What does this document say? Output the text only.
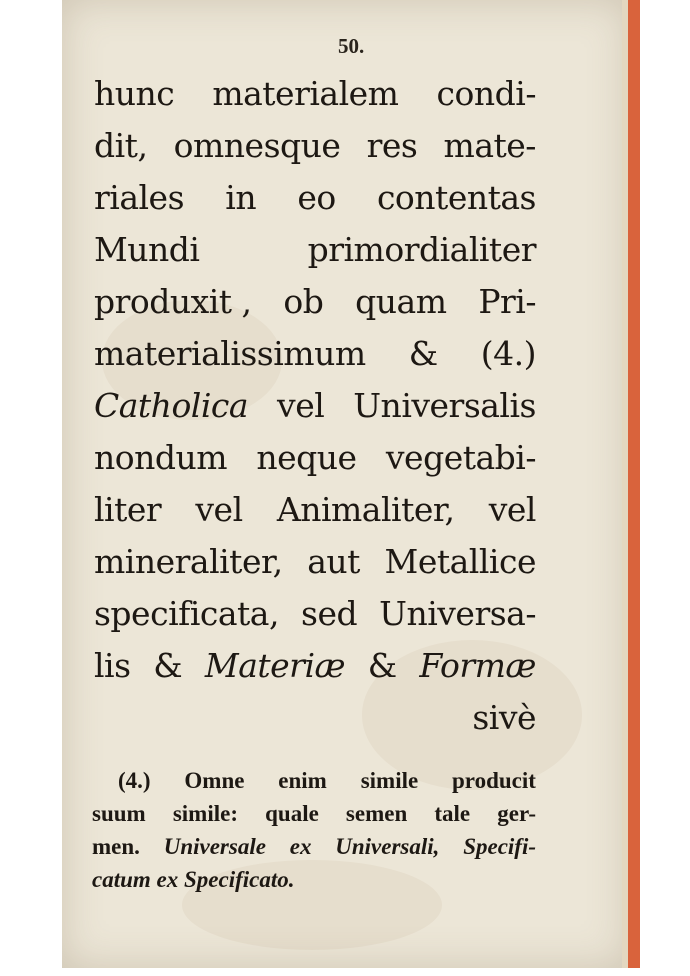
50.
hunc materialem condi-
dit, omnesque res mate-
riales in eo contentas
Mundi	primordialiter
produxit , ob quam Pri-
materialissimum & (4.)
Catholica vel Universalis
nondum neque vegetabi-
liter vel Animaliter, vel
mineraliter, aut Metallice
specificata, sed Universa-
lis & Materiæ & Formæ
sivè
(4.) Omne enim simile producit
suum simile: quale semen tale ger-
men. Universale ex Universali, Specifi-
catum ex Specificato.
